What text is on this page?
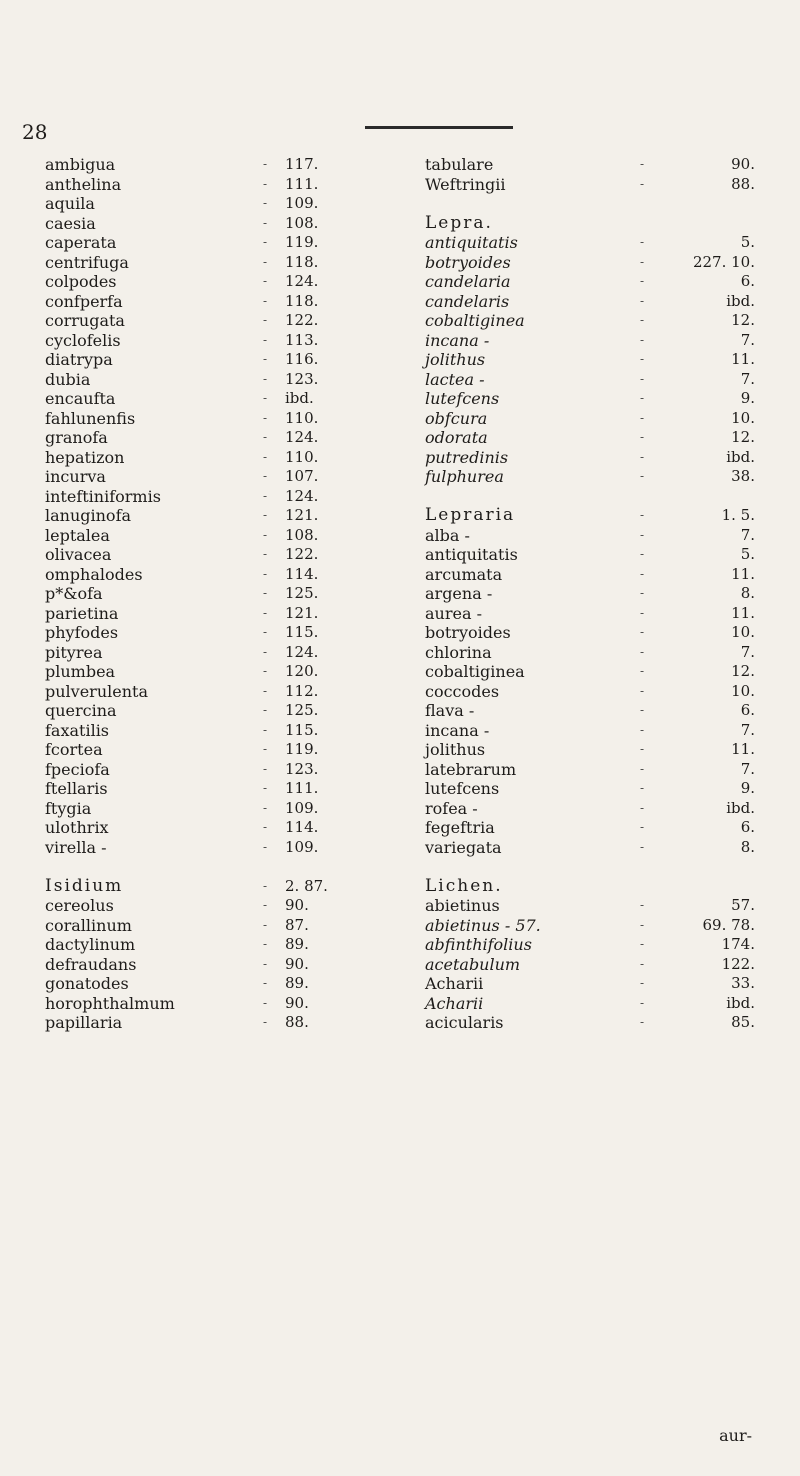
28
ambigua	- 117.
anthelina	- 111.
aquila	- 109.
caesia	- 108.
caperata	- 119.
centrifuga	- 118.
colpodes	- 124.
confperfa	- 118.
corrugata	- 122.
cyclofelis	- 113.
diatrypa	- 116.
dubia	- 123.
encaufta	- ibd.
fahlunenfis	- 110.
granofa	- 124.
hepatizon	- 110.
incurva	- 107.
inteftiniformis	- 124.
lanuginofa	- 121.
leptalea	- 108.
olivacea	- 122.
omphalodes	- 114.
p*&ofa	- 125.
parietina	- 121.
phyfodes	- 115.
pityrea	- 124.
plumbea	- 120.
pulverulenta	- 112.
quercina	- 125.
faxatilis	- 115.
fcortea	- 119.
fpeciofa	- 123.
ftellaris	- 111.
ftygia	- 109.
ulothrix	- 114.
virella -	- 109.
Isidium	- 2. 87.
cereolus	- 90.
corallinum	- 87.
dactylinum	- 89.
defraudans	- 90.
gonatodes	- 89.
horophthalmum	- 90.
papillaria	- 88.
tabulare	-	90.
Weftringii	-	88.
Lepra.
antiquitatis	-	5.
botryoides	-	227. 10.
candelaria	-	6.
candelaris	-	ibd.
cobaltiginea	-	12.
incana -	-	7.
jolithus	-	11.
lactea -	-	7.
lutefcens	-	9.
obfcura	-	10.
odorata	-	12.
putredinis	-	ibd.
fulphurea	-	38.
Lepraria	-	1. 5.
alba -	-	7.
antiquitatis	-	5.
arcumata	-	11.
argena -	-	8.
aurea -	-	11.
botryoides	-	10.
chlorina	-	7.
cobaltiginea	-	12.
coccodes	-	10.
flava -	-	6.
incana -	-	7.
jolithus	-	11.
latebrarum	-	7.
lutefcens	-	9.
rofea -	-	ibd.
fegeftria	-	6.
variegata	-	8.
Lichen.
abietinus	-	57.
abietinus - 57.	-	69. 78.
abfinthifolius	-	174.
acetabulum	-	122.
Acharii	-	33.
Acharii	-	ibd.
acicularis	-	85.
aur-
